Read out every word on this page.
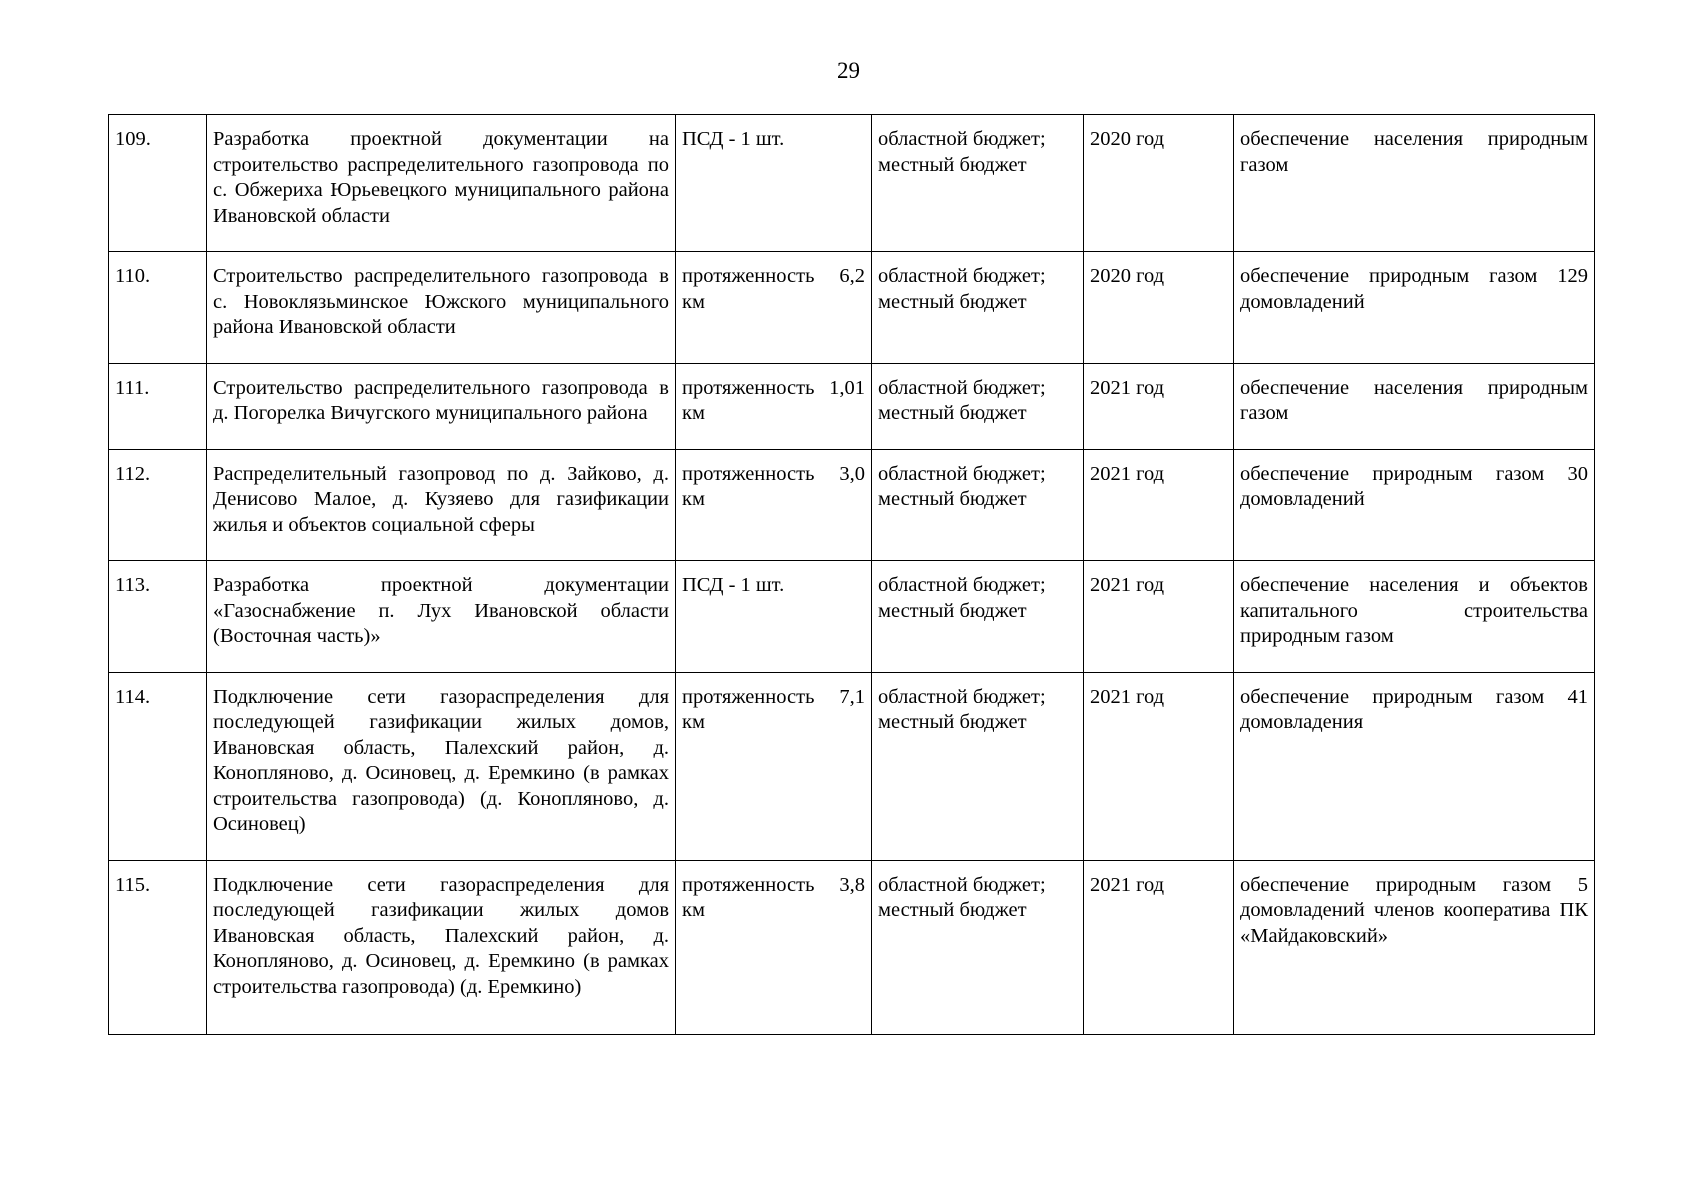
29
109.	Разработка проектной документации на строительство распределительного газопровода по с. Обжериха Юрьевецкого муниципального района Ивановской области	ПСД - 1 шт.	областной бюджет; местный бюджет	2020 год	обеспечение населения природным газом
110.	Строительство распределительного газопровода в с. Новоклязьминское Южского муниципального района Ивановской области	протяженность 6,2 км	областной бюджет; местный бюджет	2020 год	обеспечение природным газом 129 домовладений
111.	Строительство распределительного газопровода в д. Погорелка Вичугского муниципального района	протяженность 1,01 км	областной бюджет; местный бюджет	2021 год	обеспечение населения природным газом
112.	Распределительный газопровод по д. Зайково, д. Денисово Малое, д. Кузяево для газификации жилья и объектов социальной сферы	протяженность 3,0 км	областной бюджет; местный бюджет	2021 год	обеспечение природным газом 30 домовладений
113.	Разработка проектной документации «Газоснабжение п. Лух Ивановской области (Восточная часть)»	ПСД - 1 шт.	областной бюджет; местный бюджет	2021 год	обеспечение населения и объектов капитального строительства природным газом
114.	Подключение сети газораспределения для последующей газификации жилых домов, Ивановская область, Палехский район, д. Конопляново, д. Осиновец, д. Еремкино (в рамках строительства газопровода) (д. Конопляново, д. Осиновец)	протяженность 7,1 км	областной бюджет; местный бюджет	2021 год	обеспечение природным газом 41 домовладения
115.	Подключение сети газораспределения для последующей газификации жилых домов Ивановская область, Палехский район, д. Конопляново, д. Осиновец, д. Еремкино (в рамках строительства газопровода) (д. Еремкино)	протяженность 3,8 км	областной бюджет; местный бюджет	2021 год	обеспечение природным газом 5 домовладений членов кооператива ПК «Майдаковский»
